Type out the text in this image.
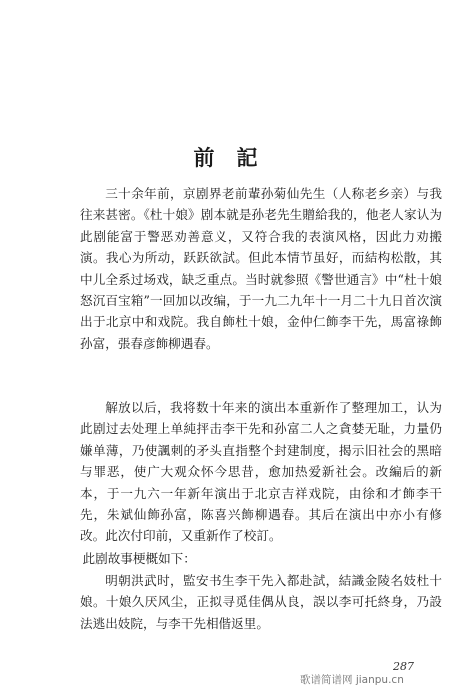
前記

三十余年前，京剧界老前輩孙菊仙先生（人称老乡亲）与我往来甚密。《杜十娘》剧本就是孙老先生贈給我的，他老人家认为此剧能富于警恶劝善意义，又符合我的表演风格，因此力劝搬演。我心为所动，跃跃欲試。但此本情节虽好，而結构松散，其中儿全系过场戏，缺乏重点。当时就参照《警世通言》中“杜十娘怒沉百宝箱”一回加以改编，于一九二九年十一月二十九日首次演出于北京中和戏院。我自飾杜十娘，金仲仁飾李干先，馬富祿飾孙富，張春彦飾柳遇春。

解放以后，我将数十年来的演出本重新作了整理加工，认为此剧过去处理上单純抨击李干先和孙富二人之貪婪无耻，力量仍嫌单薄，乃使諷刺的矛头直指整个封建制度，揭示旧社会的黑暗与罪恶，使广大观众怀今思昔，愈加热爱新社会。改編后的新本，于一九六一年新年演出于北京吉祥戏院，由徐和才飾李干先，朱斌仙飾孙富，陈喜兴飾柳遇春。其后在演出中亦小有修改。此次付印前，又重新作了校訂。

此剧故事梗概如下：

明朝洪武时，監安书生李干先入都赴試，結識金陵名妓杜十娘。十娘久厌风尘，正拟寻觅佳偶从良，誤以李可托終身，乃設法逃出妓院，与李干先相偕返里。

287
歌谱简谱网 jianpu.cn
